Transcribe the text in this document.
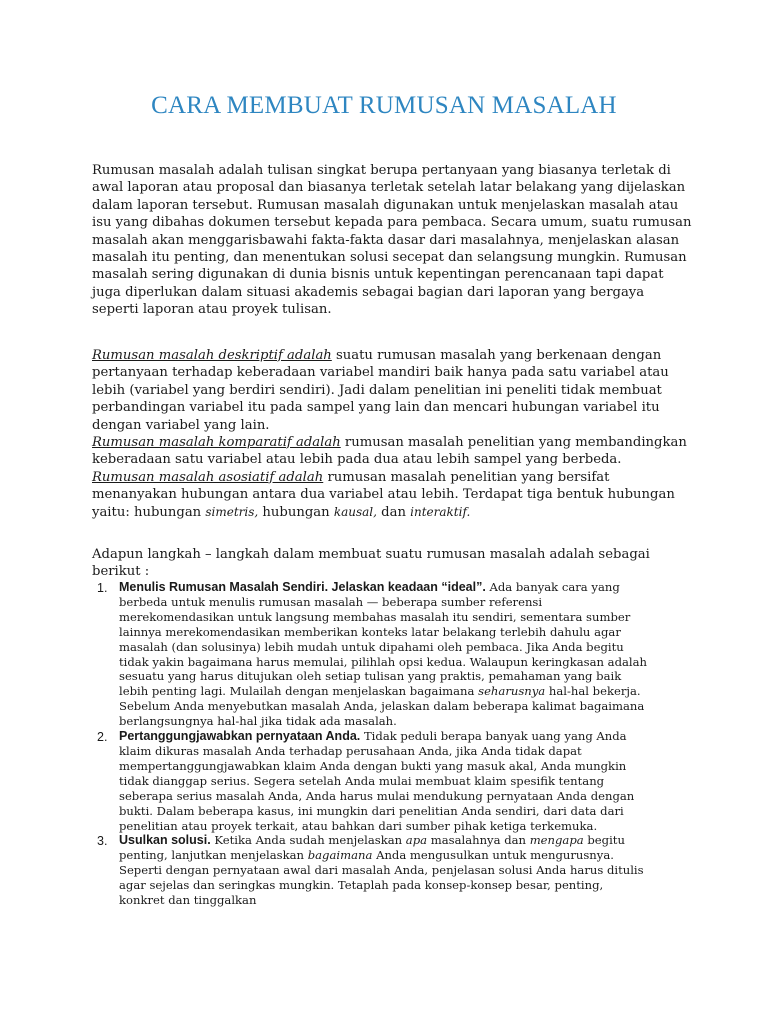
CARA MEMBUAT RUMUSAN MASALAH

Rumusan masalah adalah tulisan singkat berupa pertanyaan yang biasanya terletak di awal laporan atau proposal dan biasanya terletak setelah latar belakang yang dijelaskan dalam laporan tersebut. Rumusan masalah digunakan untuk menjelaskan masalah atau isu yang dibahas dokumen tersebut kepada para pembaca. Secara umum, suatu rumusan masalah akan menggarisbawahi fakta-fakta dasar dari masalahnya, menjelaskan alasan masalah itu penting, dan menentukan solusi secepat dan selangsung mungkin. Rumusan masalah sering digunakan di dunia bisnis untuk kepentingan perencanaan tapi dapat juga diperlukan dalam situasi akademis sebagai bagian dari laporan yang bergaya seperti laporan atau proyek tulisan.

Rumusan masalah deskriptif adalah suatu rumusan masalah yang berkenaan dengan pertanyaan terhadap keberadaan variabel mandiri baik hanya pada satu variabel atau lebih (variabel yang berdiri sendiri). Jadi dalam penelitian ini peneliti tidak membuat perbandingan variabel itu pada sampel yang lain dan mencari hubungan variabel itu dengan variabel yang lain.

Rumusan masalah komparatif adalah rumusan masalah penelitian yang membandingkan keberadaan satu variabel atau lebih pada dua atau lebih sampel yang berbeda.

Rumusan masalah asosiatif adalah rumusan masalah penelitian yang bersifat menanyakan hubungan antara dua variabel atau lebih. Terdapat tiga bentuk hubungan yaitu: hubungan simetris, hubungan kausal, dan interaktif.

Adapun langkah – langkah dalam membuat suatu rumusan masalah adalah sebagai berikut :

1. Menulis Rumusan Masalah Sendiri. Jelaskan keadaan “ideal”. Ada banyak cara yang berbeda untuk menulis rumusan masalah — beberapa sumber referensi merekomendasikan untuk langsung membahas masalah itu sendiri, sementara sumber lainnya merekomendasikan memberikan konteks latar belakang terlebih dahulu agar masalah (dan solusinya) lebih mudah untuk dipahami oleh pembaca. Jika Anda begitu tidak yakin bagaimana harus memulai, pilihlah opsi kedua. Walaupun keringkasan adalah sesuatu yang harus ditujukan oleh setiap tulisan yang praktis, pemahaman yang baik lebih penting lagi. Mulailah dengan menjelaskan bagaimana seharusnya hal-hal bekerja. Sebelum Anda menyebutkan masalah Anda, jelaskan dalam beberapa kalimat bagaimana berlangsungnya hal-hal jika tidak ada masalah.
2. Pertanggungjawabkan pernyataan Anda. Tidak peduli berapa banyak uang yang Anda klaim dikuras masalah Anda terhadap perusahaan Anda, jika Anda tidak dapat mempertanggungjawabkan klaim Anda dengan bukti yang masuk akal, Anda mungkin tidak dianggap serius. Segera setelah Anda mulai membuat klaim spesifik tentang seberapa serius masalah Anda, Anda harus mulai mendukung pernyataan Anda dengan bukti. Dalam beberapa kasus, ini mungkin dari penelitian Anda sendiri, dari data dari penelitian atau proyek terkait, atau bahkan dari sumber pihak ketiga terkemuka.
3. Usulkan solusi. Ketika Anda sudah menjelaskan apa masalahnya dan mengapa begitu penting, lanjutkan menjelaskan bagaimana Anda mengusulkan untuk mengurusnya. Seperti dengan pernyataan awal dari masalah Anda, penjelasan solusi Anda harus ditulis agar sejelas dan seringkas mungkin. Tetaplah pada konsep-konsep besar, penting, konkret dan tinggalkan
